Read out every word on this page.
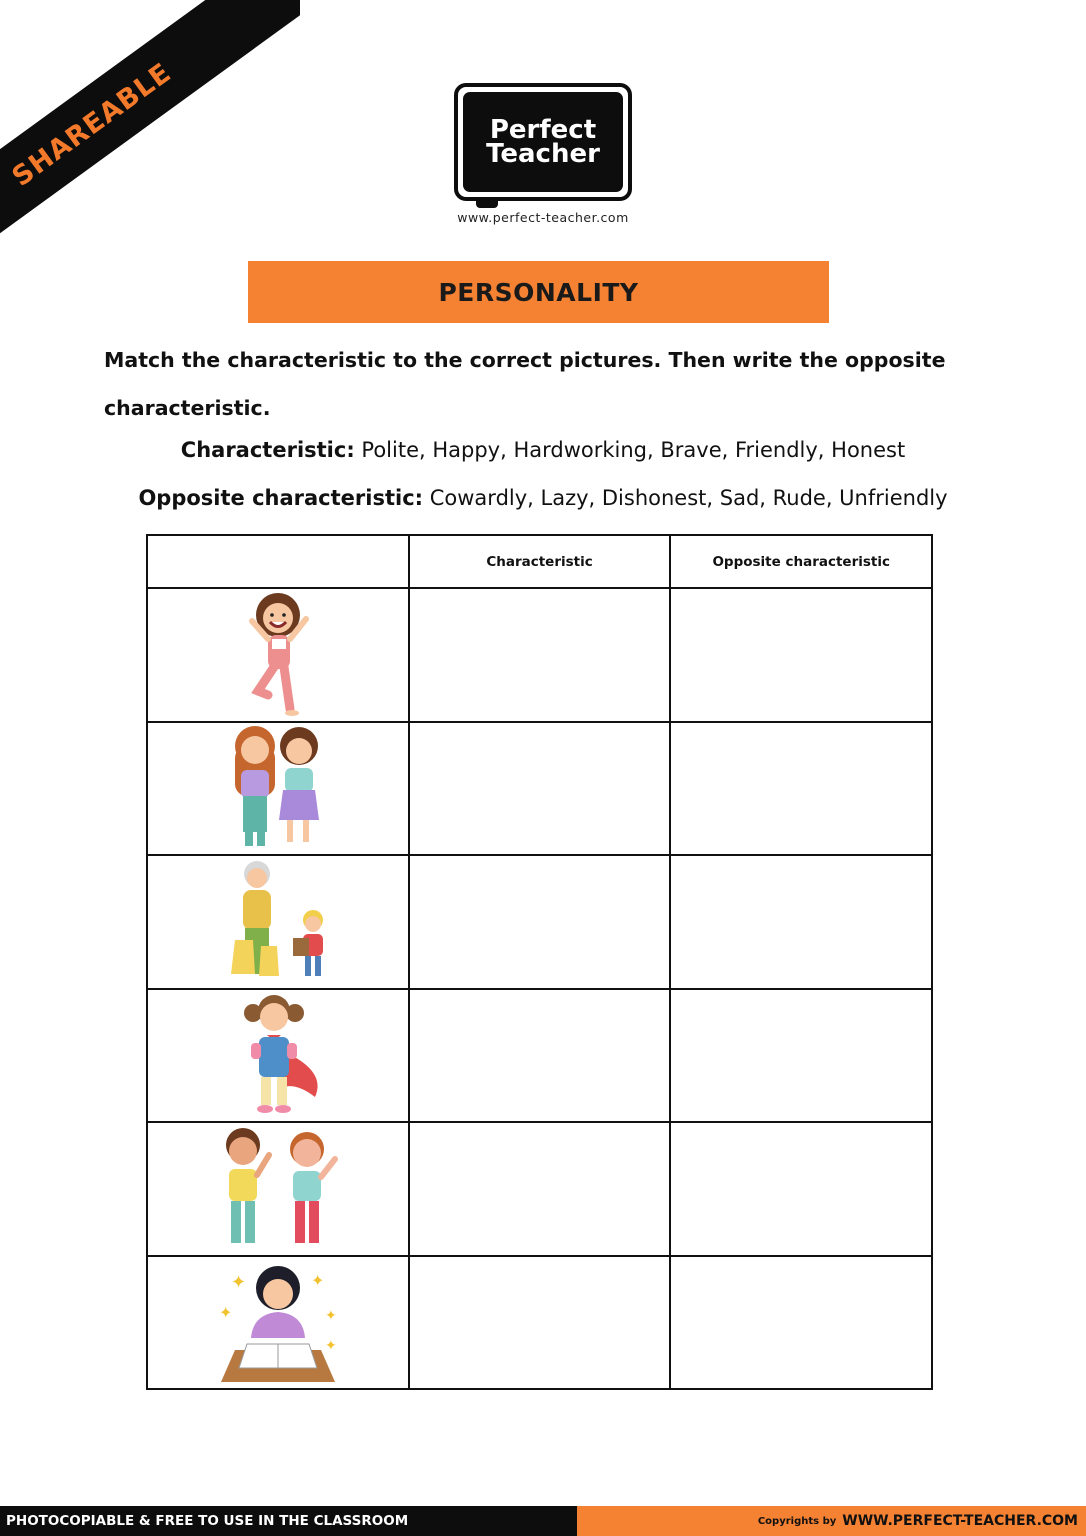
SHAREABLE	Perfect
Teacher
www.perfect-teacher.com
PERSONALITY
Match the characteristic to the correct pictures. Then write the opposite characteristic.
Characteristic: Polite, Happy, Hardworking, Brave, Friendly, Honest
Opposite characteristic: Cowardly, Lazy, Dishonest, Sad, Rude, Unfriendly
	Characteristic	Opposite characteristic

✦ ✦
✦ ✦
✦		

PHOTOCOPIABLE & FREE TO USE IN THE CLASSROOM	Copyrights by WWW.PERFECT-TEACHER.COM
